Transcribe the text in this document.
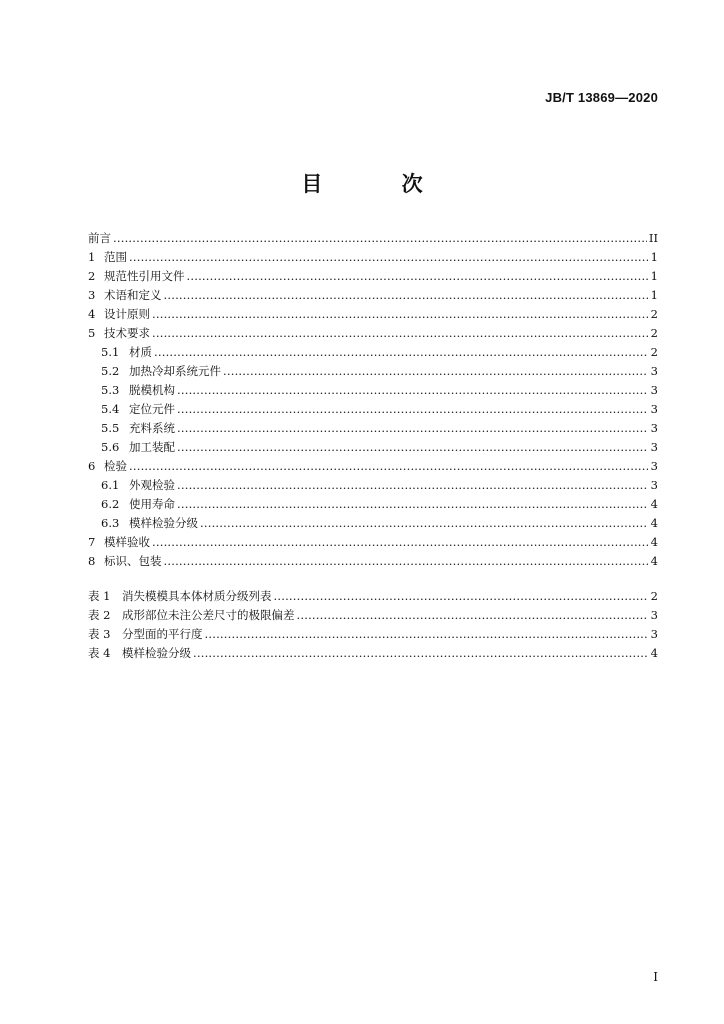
JB/T 13869—2020
目 次
前言 .....	II
1 范围 .....	1
2 规范性引用文件 .....	1
3 术语和定义 .....	1
4 设计原则 .....	2
5 技术要求 .....	2
5.1 材质 .....	2
5.2 加热冷却系统元件 .....	3
5.3 脱模机构 .....	3
5.4 定位元件 .....	3
5.5 充料系统 .....	3
5.6 加工装配 .....	3
6 检验 .....	3
6.1 外观检验 .....	3
6.2 使用寿命 .....	4
6.3 模样检验分级 .....	4
7 模样验收 .....	4
8 标识、包装 .....	4
表 1	消失模模具本体材质分级列表 .....	2
表 2	成形部位未注公差尺寸的极限偏差 .....	3
表 3	分型面的平行度 .....	3
表 4	模样检验分级 .....	4
I
